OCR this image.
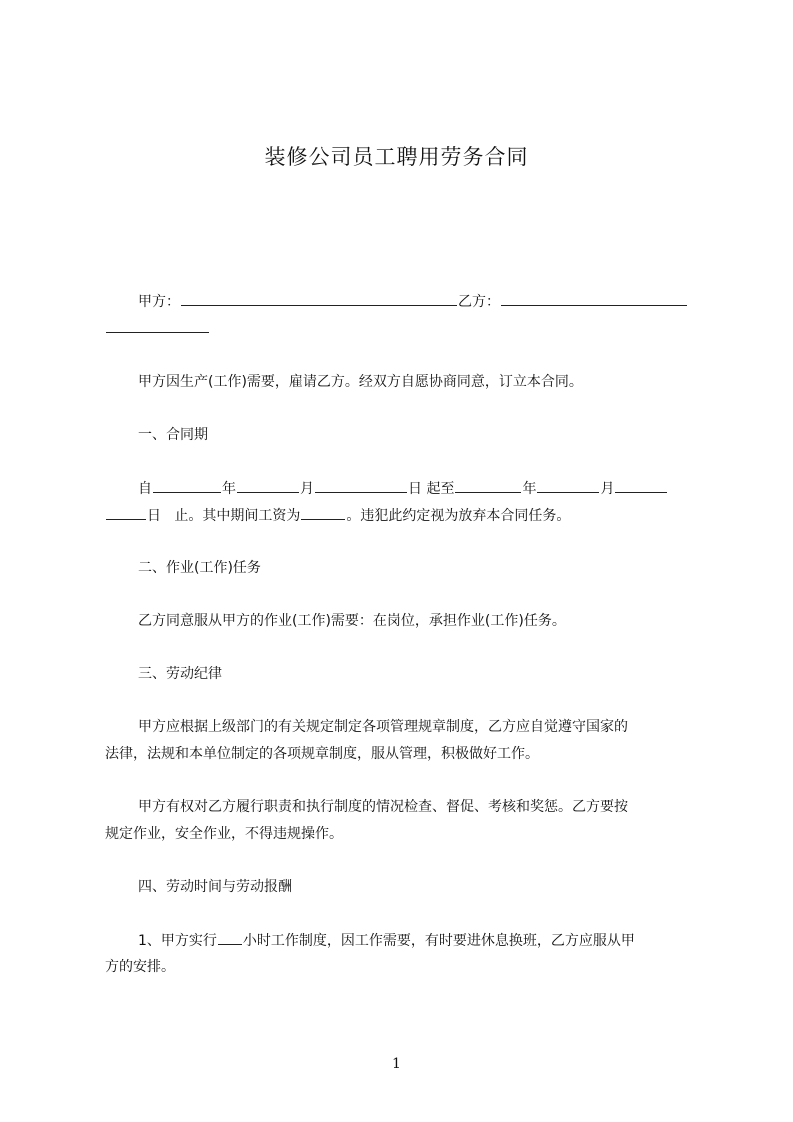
装修公司员工聘用劳务合同
甲方：	乙方：
甲方因生产(工作)需要，雇请乙方。经双方自愿协商同意，订立本合同。
一、合同期
自	年	月	日 起至	年	月
日 止。其中期间工资为	。违犯此约定视为放弃本合同任务。
二、作业(工作)任务
乙方同意服从甲方的作业(工作)需要：在岗位，承担作业(工作)任务。
三、劳动纪律
甲方应根据上级部门的有关规定制定各项管理规章制度，乙方应自觉遵守国家的
法律，法规和本单位制定的各项规章制度，服从管理，积极做好工作。
甲方有权对乙方履行职责和执行制度的情况检查、督促、考核和奖惩。乙方要按
规定作业，安全作业，不得违规操作。
四、劳动时间与劳动报酬
1、甲方实行 小时工作制度，因工作需要，有时要进休息换班，乙方应服从甲
方的安排。
1
